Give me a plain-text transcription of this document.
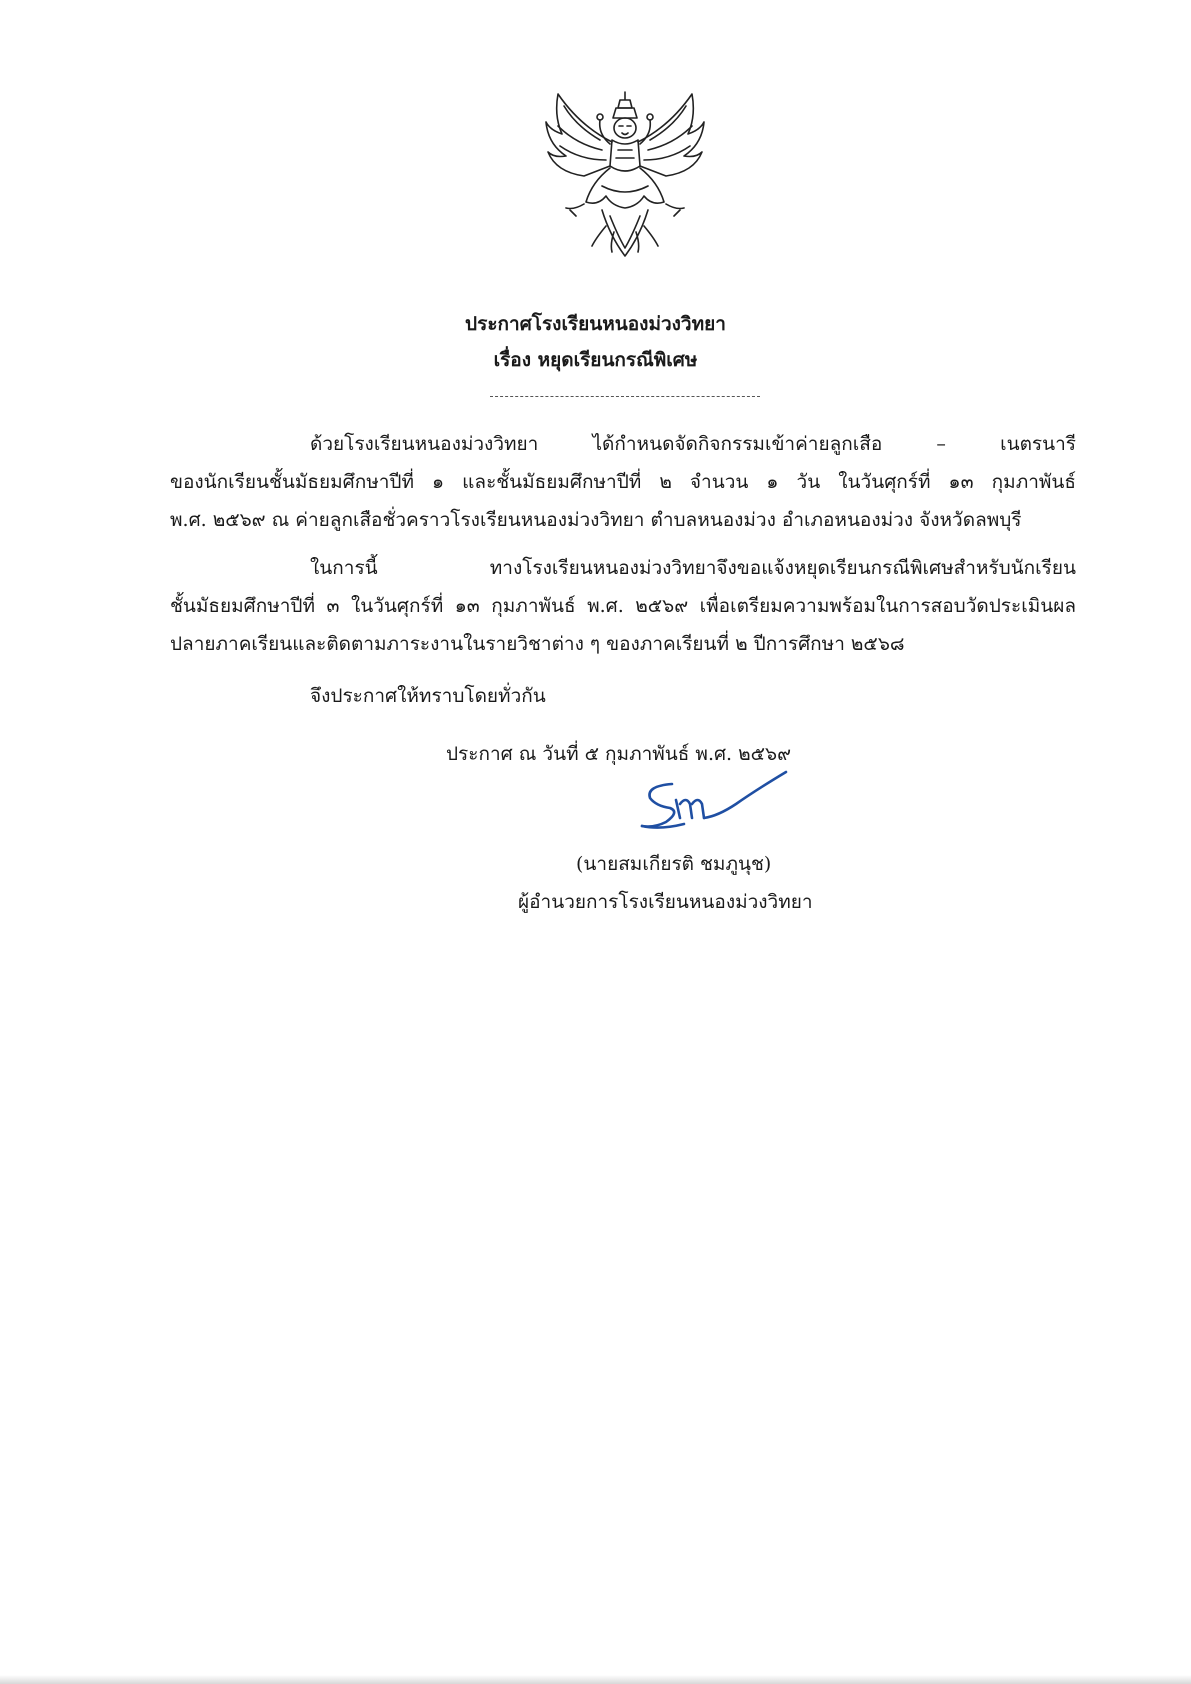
ประกาศโรงเรียนหนองม่วงวิทยา
เรื่อง หยุดเรียนกรณีพิเศษ
ด้วยโรงเรียนหนองม่วงวิทยา ได้กำหนดจัดกิจกรรมเข้าค่ายลูกเสือ – เนตรนารี
ของนักเรียนชั้นมัธยมศึกษาปีที่ ๑ และชั้นมัธยมศึกษาปีที่ ๒ จำนวน ๑ วัน ในวันศุกร์ที่ ๑๓ กุมภาพันธ์
พ.ศ. ๒๕๖๙ ณ ค่ายลูกเสือชั่วคราวโรงเรียนหนองม่วงวิทยา ตำบลหนองม่วง อำเภอหนองม่วง จังหวัดลพบุรี
ในการนี้ ทางโรงเรียนหนองม่วงวิทยาจึงขอแจ้งหยุดเรียนกรณีพิเศษสำหรับนักเรียน
ชั้นมัธยมศึกษาปีที่ ๓ ในวันศุกร์ที่ ๑๓ กุมภาพันธ์ พ.ศ. ๒๕๖๙ เพื่อเตรียมความพร้อมในการสอบวัดประเมินผล
ปลายภาคเรียนและติดตามภาระงานในรายวิชาต่าง ๆ ของภาคเรียนที่ ๒ ปีการศึกษา ๒๕๖๘
จึงประกาศให้ทราบโดยทั่วกัน
ประกาศ ณ วันที่ ๕ กุมภาพันธ์ พ.ศ. ๒๕๖๙
(นายสมเกียรติ ชมภูนุช)
ผู้อำนวยการโรงเรียนหนองม่วงวิทยา
